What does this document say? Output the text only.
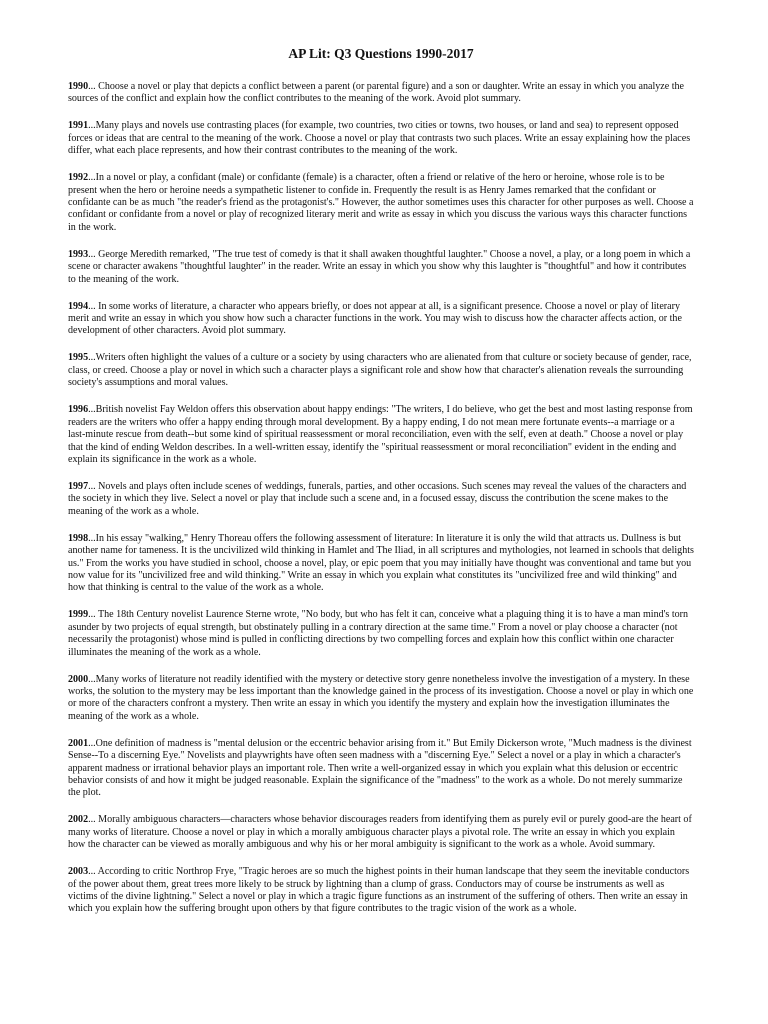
AP Lit: Q3 Questions 1990-2017

1990... Choose a novel or play that depicts a conflict between a parent (or parental figure) and a son or daughter. Write an essay in which you analyze the sources of the conflict and explain how the conflict contributes to the meaning of the work. Avoid plot summary.

1991...Many plays and novels use contrasting places (for example, two countries, two cities or towns, two houses, or land and sea) to represent opposed forces or ideas that are central to the meaning of the work. Choose a novel or play that contrasts two such places. Write an essay explaining how the places differ, what each place represents, and how their contrast contributes to the meaning of the work.

1992...In a novel or play, a confidant (male) or confidante (female) is a character, often a friend or relative of the hero or heroine, whose role is to be present when the hero or heroine needs a sympathetic listener to confide in. Frequently the result is as Henry James remarked that the confidant or confidante can be as much "the reader's friend as the protagonist's." However, the author sometimes uses this character for other purposes as well. Choose a confidant or confidante from a novel or play of recognized literary merit and write as essay in which you discuss the various ways this character functions in the work.

1993... George Meredith remarked, "The true test of comedy is that it shall awaken thoughtful laughter." Choose a novel, a play, or a long poem in which a scene or character awakens "thoughtful laughter" in the reader. Write an essay in which you show why this laughter is "thoughtful" and how it contributes to the meaning of the work.

1994... In some works of literature, a character who appears briefly, or does not appear at all, is a significant presence. Choose a novel or play of literary merit and write an essay in which you show how such a character functions in the work. You may wish to discuss how the character affects action, or the development of other characters. Avoid plot summary.

1995...Writers often highlight the values of a culture or a society by using characters who are alienated from that culture or society because of gender, race, class, or creed. Choose a play or novel in which such a character plays a significant role and show how that character's alienation reveals the surrounding society's assumptions and moral values.

1996...British novelist Fay Weldon offers this observation about happy endings: "The writers, I do believe, who get the best and most lasting response from readers are the writers who offer a happy ending through moral development. By a happy ending, I do not mean mere fortunate events--a marriage or a last-minute rescue from death--but some kind of spiritual reassessment or moral reconciliation, even with the self, even at death." Choose a novel or play that the kind of ending Weldon describes. In a well-written essay, identify the "spiritual reassessment or moral reconciliation" evident in the ending and explain its significance in the work as a whole.

1997... Novels and plays often include scenes of weddings, funerals, parties, and other occasions. Such scenes may reveal the values of the characters and the society in which they live. Select a novel or play that include such a scene and, in a focused essay, discuss the contribution the scene makes to the meaning of the work as a whole.

1998...In his essay "walking," Henry Thoreau offers the following assessment of literature: In literature it is only the wild that attracts us. Dullness is but another name for tameness. It is the uncivilized wild thinking in Hamlet and The Iliad, in all scriptures and mythologies, not learned in schools that delights us." From the works you have studied in school, choose a novel, play, or epic poem that you may initially have thought was conventional and tame but you now value for its "uncivilized free and wild thinking." Write an essay in which you explain what constitutes its "uncivilized free and wild thinking" and how that thinking is central to the value of the work as a whole.

1999... The 18th Century novelist Laurence Sterne wrote, "No body, but who has felt it can, conceive what a plaguing thing it is to have a man mind's torn asunder by two projects of equal strength, but obstinately pulling in a contrary direction at the same time." From a novel or play choose a character (not necessarily the protagonist) whose mind is pulled in conflicting directions by two compelling forces and explain how this conflict within one character illuminates the meaning of the work as a whole.

2000...Many works of literature not readily identified with the mystery or detective story genre nonetheless involve the investigation of a mystery. In these works, the solution to the mystery may be less important than the knowledge gained in the process of its investigation. Choose a novel or play in which one or more of the characters confront a mystery. Then write an essay in which you identify the mystery and explain how the investigation illuminates the meaning of the work as a whole.

2001...One definition of madness is "mental delusion or the eccentric behavior arising from it." But Emily Dickerson wrote, "Much madness is the divinest Sense--To a discerning Eye." Novelists and playwrights have often seen madness with a "discerning Eye." Select a novel or a play in which a character's apparent madness or irrational behavior plays an important role. Then write a well-organized essay in which you explain what this delusion or eccentric behavior consists of and how it might be judged reasonable. Explain the significance of the "madness" to the work as a whole. Do not merely summarize the plot.

2002... Morally ambiguous characters—characters whose behavior discourages readers from identifying them as purely evil or purely good-are the heart of many works of literature. Choose a novel or play in which a morally ambiguous character plays a pivotal role. The write an essay in which you explain how the character can be viewed as morally ambiguous and why his or her moral ambiguity is significant to the work as a whole. Avoid summary.

2003... According to critic Northrop Frye, "Tragic heroes are so much the highest points in their human landscape that they seem the inevitable conductors of the power about them, great trees more likely to be struck by lightning than a clump of grass. Conductors may of course be instruments as well as victims of the divine lightning." Select a novel or play in which a tragic figure functions as an instrument of the suffering of others. Then write an essay in which you explain how the suffering brought upon others by that figure contributes to the tragic vision of the work as a whole.
